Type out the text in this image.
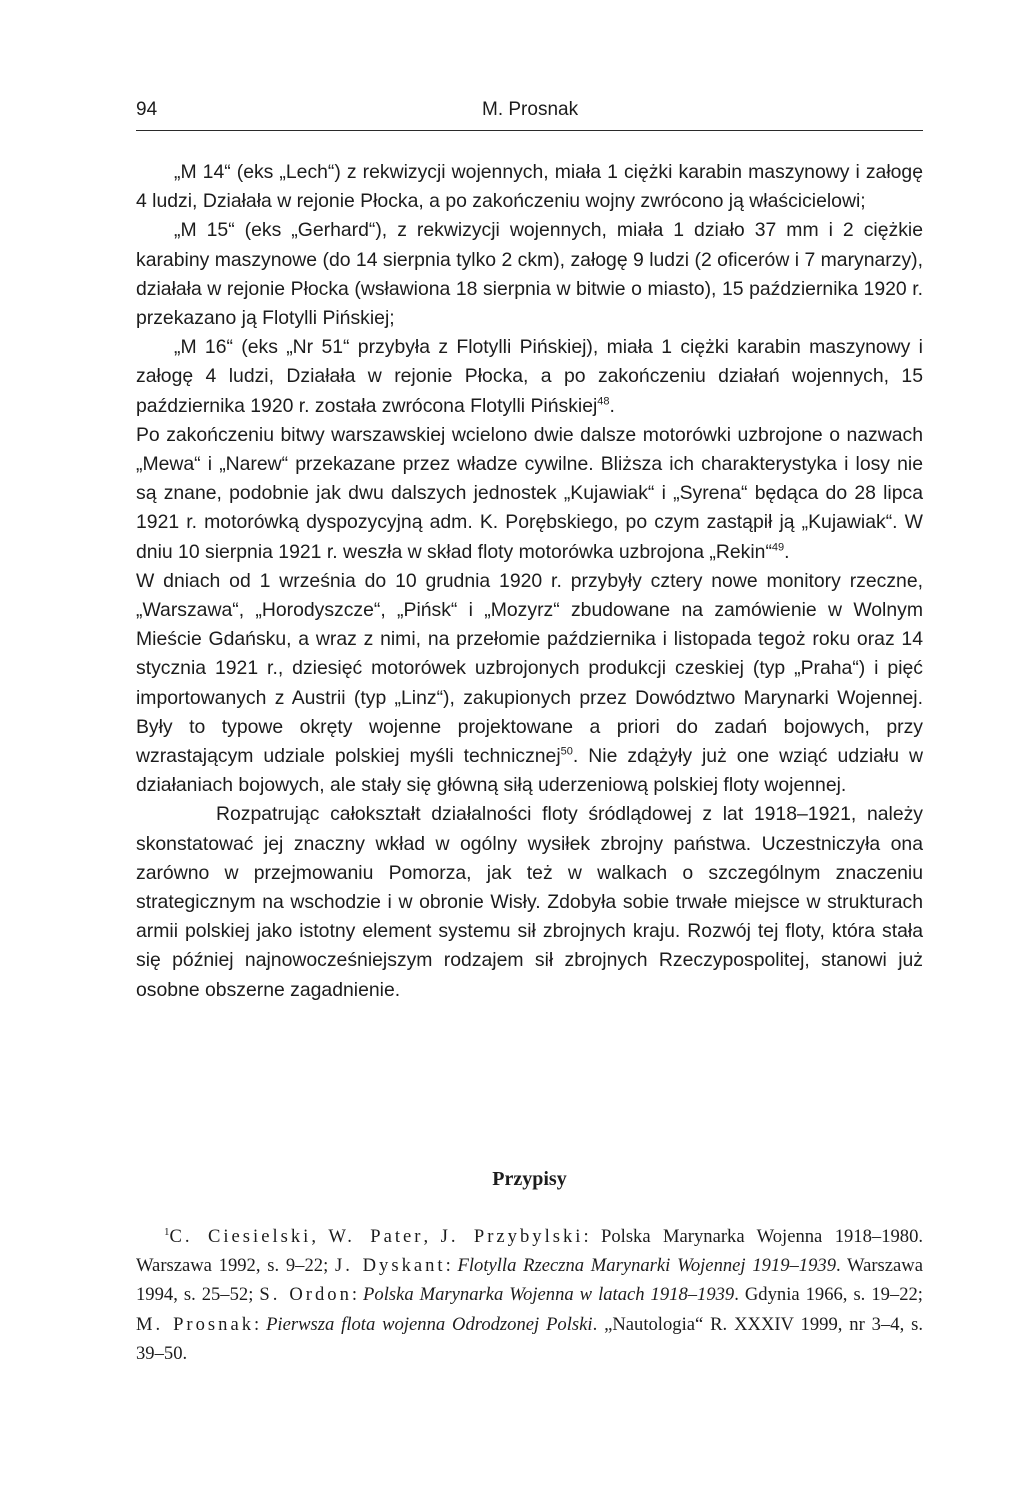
94	M. Prosnak

„M 14“ (eks „Lech“) z rekwizycji wojennych, miała 1 ciężki karabin maszynowy i załogę 4 ludzi, Działała w rejonie Płocka, a po zakończeniu wojny zwrócono ją właścicielowi;

„M 15“ (eks „Gerhard“), z rekwizycji wojennych, miała 1 działo 37 mm i 2 ciężkie karabiny maszynowe (do 14 sierpnia tylko 2 ckm), załogę 9 ludzi (2 oficerów i 7 marynarzy), działała w rejonie Płocka (wsławiona 18 sierpnia w bitwie o miasto), 15 października 1920 r. przekazano ją Flotylli Pińskiej;

„M 16“ (eks „Nr 51“ przybyła z Flotylli Pińskiej), miała 1 ciężki karabin maszynowy i załogę 4 ludzi, Działała w rejonie Płocka, a po zakończeniu działań wojennych, 15 października 1920 r. została zwrócona Flotylli Pińskiej$^{48}$.

Po zakończeniu bitwy warszawskiej wcielono dwie dalsze motorówki uzbrojone o nazwach „Mewa“ i „Narew“ przekazane przez władze cywilne. Bliższa ich charakterystyka i losy nie są znane, podobnie jak dwu dalszych jednostek „Kujawiak“ i „Syrena“ będąca do 28 lipca 1921 r. motorówką dyspozycyjną adm. K. Porębskiego, po czym zastąpił ją „Kujawiak“. W dniu 10 sierpnia 1921 r. weszła w skład floty motorówka uzbrojona „Rekin“$^{49}$.

W dniach od 1 września do 10 grudnia 1920 r. przybyły cztery nowe monitory rzeczne, „Warszawa“, „Horodyszcze“, „Pińsk“ i „Mozyrz“ zbudowane na zamówienie w Wolnym Mieście Gdańsku, a wraz z nimi, na przełomie października i listopada tegoż roku oraz 14 stycznia 1921 r., dziesięć motorówek uzbrojonych produkcji czeskiej (typ „Praha“) i pięć importowanych z Austrii (typ „Linz“), zakupionych przez Dowództwo Marynarki Wojennej. Były to typowe okręty wojenne projektowane a priori do zadań bojowych, przy wzrastającym udziale polskiej myśli technicznej$^{50}$. Nie zdążyły już one wziąć udziału w działaniach bojowych, ale stały się główną siłą uderzeniową polskiej floty wojennej.

Rozpatrując całokształt działalności floty śródlądowej z lat 1918–1921, należy skonstatować jej znaczny wkład w ogólny wysiłek zbrojny państwa. Uczestniczyła ona zarówno w przejmowaniu Pomorza, jak też w walkach o szczególnym znaczeniu strategicznym na wschodzie i w obronie Wisły. Zdobyła sobie trwałe miejsce w strukturach armii polskiej jako istotny element systemu sił zbrojnych kraju. Rozwój tej floty, która stała się później najnowocześniejszym rodzajem sił zbrojnych Rzeczypospolitej, stanowi już osobne obszerne zagadnienie.

Przypisy

$^1$C. Ciesielski, W. Pater, J. Przybylski: Polska Marynarka Wojenna 1918–1980. Warszawa 1992, s. 9–22; J. Dyskant: Flotylla Rzeczna Marynarki Wojennej 1919–1939. Warszawa 1994, s. 25–52; S. Ordon: Polska Marynarka Wojenna w latach 1918–1939. Gdynia 1966, s. 19–22; M. Prosnak: Pierwsza flota wojenna Odrodzonej Polski. „Nautologia“ R. XXXIV 1999, nr 3–4, s. 39–50.
